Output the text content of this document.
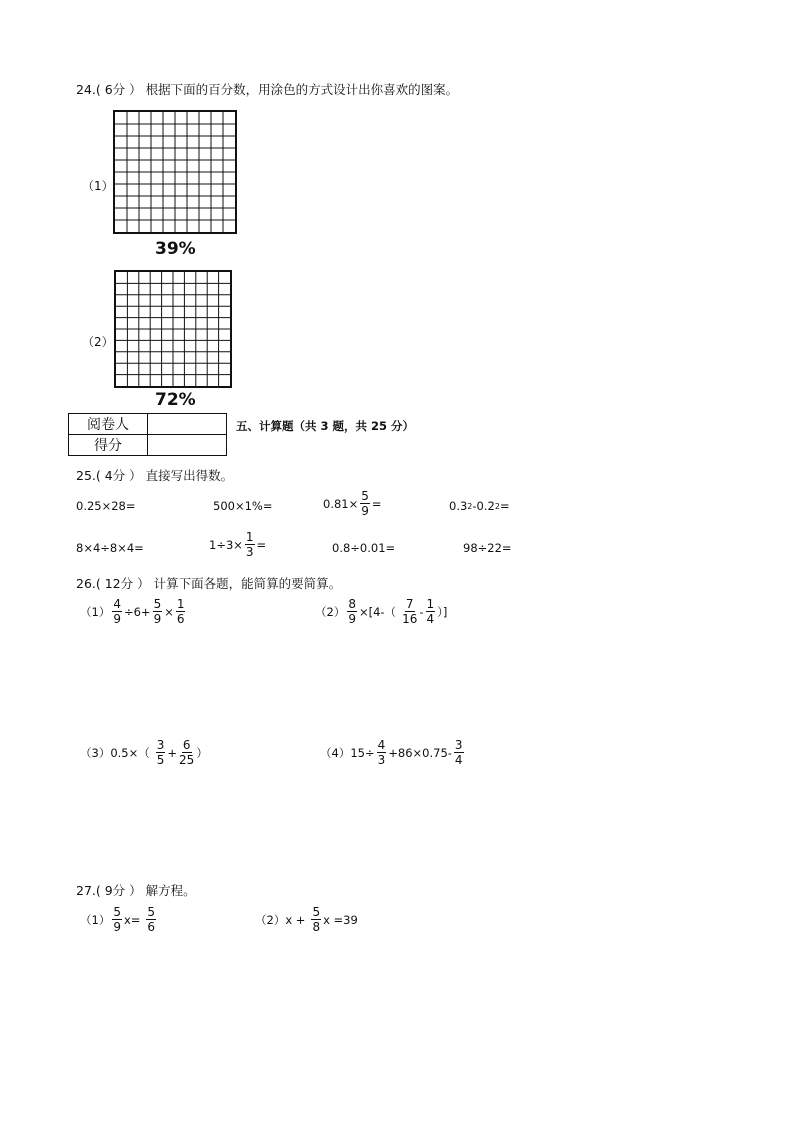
24.( 6分 ） 根据下面的百分数，用涂色的方式设计出你喜欢的图案。
（1）
39%
（2）
72%
阅卷人	
得分	
五、计算题（共 3 题，共 25 分）
25.( 4分 ） 直接写出得数。
0.25×28=	500×1%=	$0.81\times \frac{5}{9}$ =	0.3 2 -0.2 2 =
8×4÷8×4=	$1\div 3\times \frac{1}{3}$ =	0.8÷0.01=	98÷22=
26.( 12分 ） 计算下面各题，能简算的要简算。
$(1) \frac{4}{9} \div 6+ \frac{5}{9} \times \frac{1}{6}$	$(2) \frac{8}{9} \times[4-( \frac{7}{16} - \frac{1}{4}$ ）]
（3） $0.5\times( \frac{3}{5} + \frac{6}{25}$ ）	（4） $15\div \frac{4}{3} +86\times 0.75- \frac{3}{4}$
27.( 9分 ） 解方程。
$(1) \frac{5}{9} x= \frac{5}{6}$	（2） $x + \frac{5}{8}$ x =39
